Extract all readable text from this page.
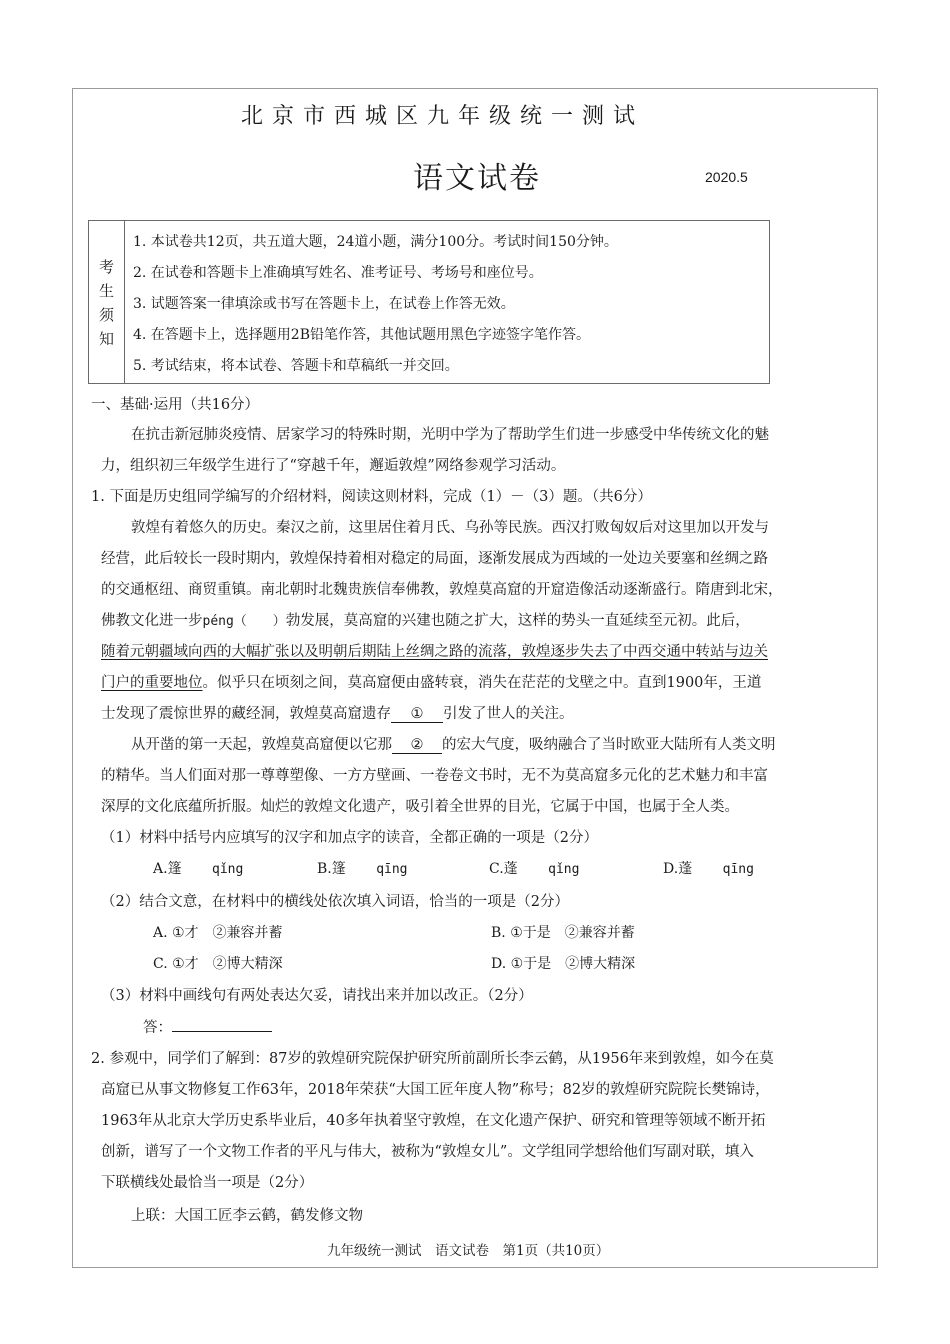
北京市西城区九年级统一测试
语文试卷	2020.5
考
生
须
知
1. 本试卷共12页，共五道大题，24道小题，满分100分。考试时间150分钟。
2. 在试卷和答题卡上准确填写姓名、准考证号、考场号和座位号。
3. 试题答案一律填涂或书写在答题卡上，在试卷上作答无效。
4. 在答题卡上，选择题用2B铅笔作答，其他试题用黑色字迹签字笔作答。
5. 考试结束，将本试卷、答题卡和草稿纸一并交回。
一、基础·运用（共16分）
在抗击新冠肺炎疫情、居家学习的特殊时期，光明中学为了帮助学生们进一步感受中华传统文化的魅
力，组织初三年级学生进行了“穿越千年，邂逅敦煌”网络参观学习活动。
1. 下面是历史组同学编写的介绍材料，阅读这则材料，完成（1）－（3）题。（共6分）
敦煌有着悠久的历史。秦汉之前，这里居住着月氏、乌孙等民族。西汉打败匈奴后对这里加以开发与
经营，此后较长一段时期内，敦煌保持着相对稳定的局面，逐渐发展成为西域的一处边关要塞和丝绸之路
的交通枢纽、商贸重镇。南北朝时北魏贵族信奉佛教，敦煌莫高窟的开窟造像活动逐渐盛行。隋唐到北宋，
佛教文化进一步péng（　　）勃发展，莫高窟的兴建也随之扩大，这样的势头一直延续至元初。此后，
随着元朝疆域向西的大幅扩张以及明朝后期陆上丝绸之路的流落，敦煌逐步失去了中西交通中转站与边关
门户的重要地位。似乎只在顷刻之间，莫高窟便由盛转衰，消失在茫茫的戈壁之中。直到1900年，王道
士发现了震惊世界的藏经洞，敦煌莫高窟遗存 ① 引发了世人的关注。
从开凿的第一天起，敦煌莫高窟便以它那 ② 的宏大气度，吸纳融合了当时欧亚大陆所有人类文明
的精华。当人们面对那一尊尊塑像、一方方壁画、一卷卷文书时，无不为莫高窟多元化的艺术魅力和丰富
深厚的文化底蕴所折服。灿烂的敦煌文化遗产，吸引着全世界的目光，它属于中国，也属于全人类。
（1）材料中括号内应填写的汉字和加点字的读音，全都正确的一项是（2分）
A.篷 qǐng	B.篷 qīng	C.蓬 qǐng	D.蓬 qīng
（2）结合文意，在材料中的横线处依次填入词语，恰当的一项是（2分）
A. ①才　②兼容并蓄	B. ①于是　②兼容并蓄
C. ①才　②博大精深	D. ①于是　②博大精深
（3）材料中画线句有两处表达欠妥，请找出来并加以改正。（2分）
答：
2. 参观中，同学们了解到：87岁的敦煌研究院保护研究所前副所长李云鹤，从1956年来到敦煌，如今在莫
高窟已从事文物修复工作63年，2018年荣获“大国工匠年度人物”称号；82岁的敦煌研究院院长樊锦诗，
1963年从北京大学历史系毕业后，40多年执着坚守敦煌，在文化遗产保护、研究和管理等领域不断开拓
创新，谱写了一个文物工作者的平凡与伟大，被称为“敦煌女儿”。文学组同学想给他们写副对联，填入
下联横线处最恰当一项是（2分）
上联：大国工匠李云鹤，鹤发修文物
九年级统一测试　语文试卷　第1页（共10页）
